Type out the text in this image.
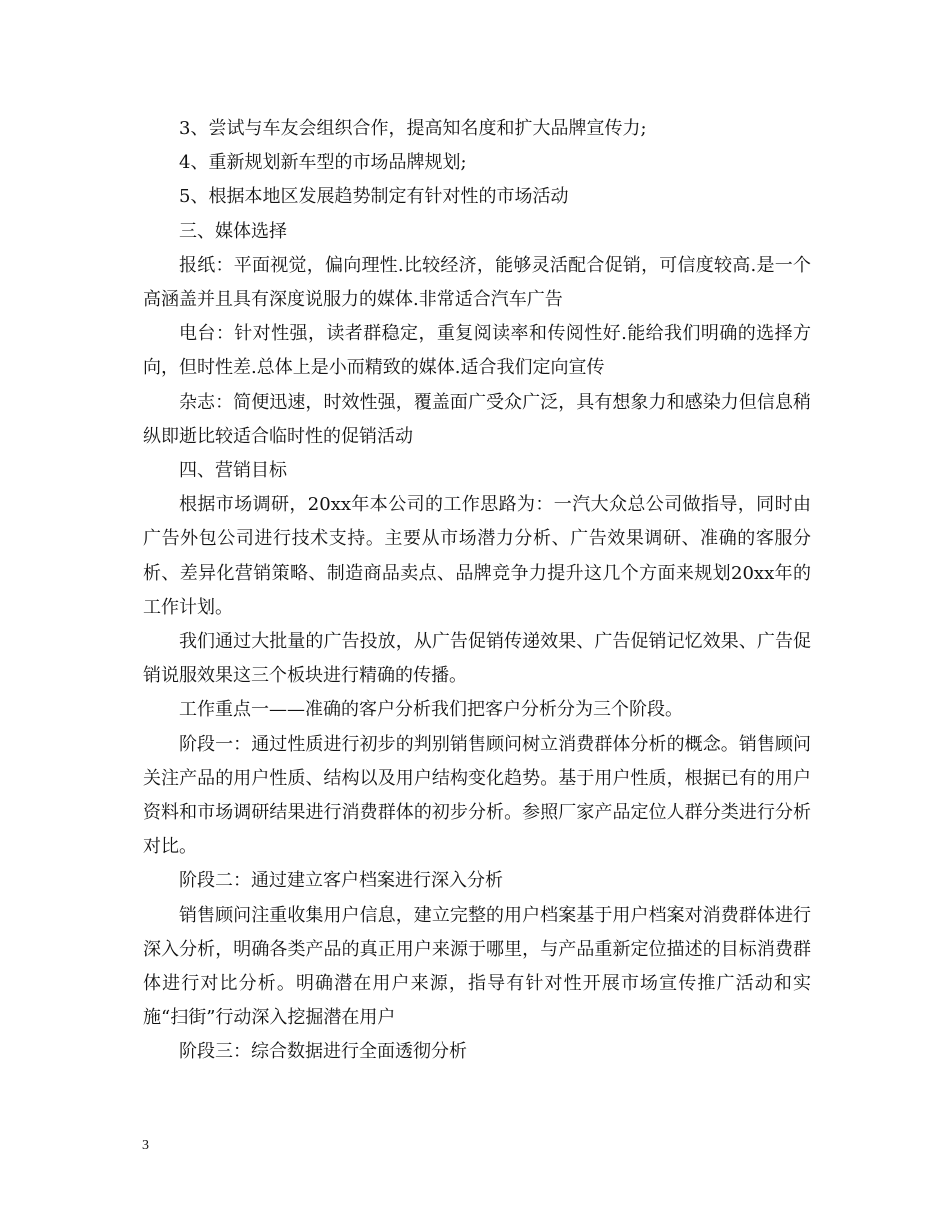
3、尝试与车友会组织合作，提高知名度和扩大品牌宣传力;

4、重新规划新车型的市场品牌规划;

5、根据本地区发展趋势制定有针对性的市场活动

三、媒体选择

报纸：平面视觉，偏向理性.比较经济，能够灵活配合促销，可信度较高.是一个高涵盖并且具有深度说服力的媒体.非常适合汽车广告

电台：针对性强，读者群稳定，重复阅读率和传阅性好.能给我们明确的选择方向，但时性差.总体上是小而精致的媒体.适合我们定向宣传

杂志：简便迅速，时效性强，覆盖面广受众广泛，具有想象力和感染力但信息稍纵即逝比较适合临时性的促销活动

四、营销目标

根据市场调研，20xx年本公司的工作思路为：一汽大众总公司做指导，同时由广告外包公司进行技术支持。主要从市场潜力分析、广告效果调研、准确的客服分析、差异化营销策略、制造商品卖点、品牌竞争力提升这几个方面来规划20xx年的工作计划。

我们通过大批量的广告投放，从广告促销传递效果、广告促销记忆效果、广告促销说服效果这三个板块进行精确的传播。

工作重点一——准确的客户分析我们把客户分析分为三个阶段。

阶段一：通过性质进行初步的判别销售顾问树立消费群体分析的概念。销售顾问关注产品的用户性质、结构以及用户结构变化趋势。基于用户性质，根据已有的用户资料和市场调研结果进行消费群体的初步分析。参照厂家产品定位人群分类进行分析对比。

阶段二：通过建立客户档案进行深入分析

销售顾问注重收集用户信息，建立完整的用户档案基于用户档案对消费群体进行深入分析，明确各类产品的真正用户来源于哪里，与产品重新定位描述的目标消费群体进行对比分析。明确潜在用户来源，指导有针对性开展市场宣传推广活动和实施“扫街”行动深入挖掘潜在用户

阶段三：综合数据进行全面透彻分析

3
